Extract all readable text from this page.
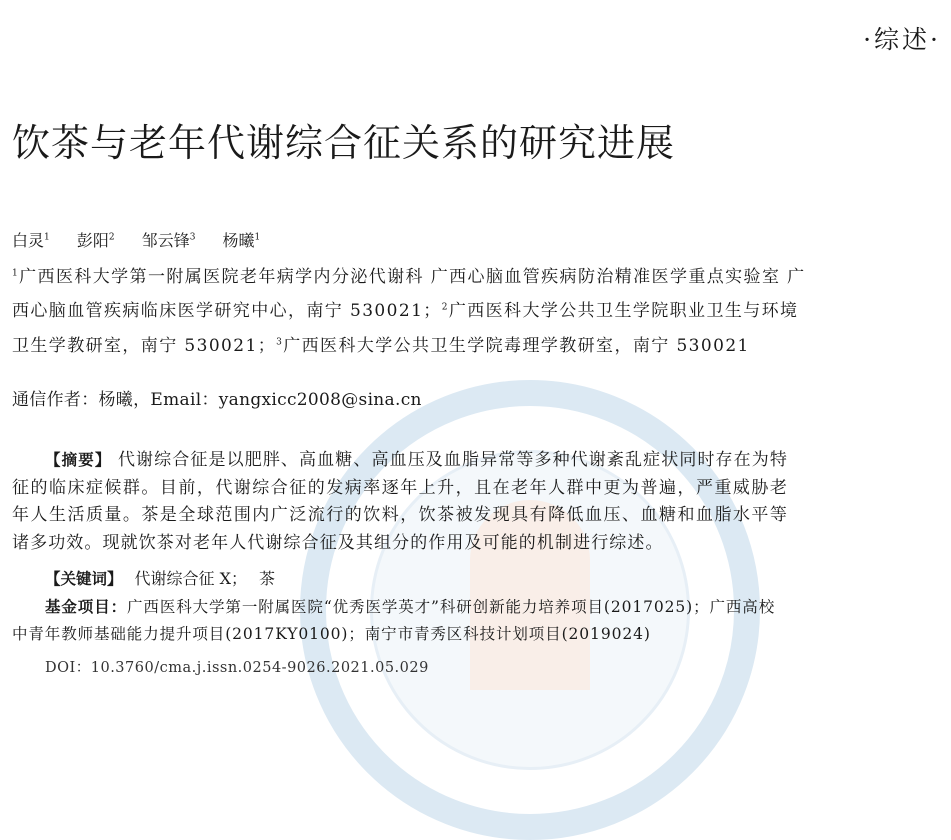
·综述·
饮茶与老年代谢综合征关系的研究进展
白灵$^1$ 彭阳$^2$ 邹云锋$^3$ 杨曦$^1$
$^1$广西医科大学第一附属医院老年病学内分泌代谢科 广西心脑血管疾病防治精准医学重点实验室 广西心脑血管疾病临床医学研究中心，南宁 530021；$^2$广西医科大学公共卫生学院职业卫生与环境卫生学教研室，南宁 530021；$^3$广西医科大学公共卫生学院毒理学教研室，南宁 530021
通信作者：杨曦，Email：yangxicc2008@sina.cn

【摘要】 代谢综合征是以肥胖、高血糖、高血压及血脂异常等多种代谢紊乱症状同时存在为特征的临床症候群。目前，代谢综合征的发病率逐年上升，且在老年人群中更为普遍，严重威胁老年人生活质量。茶是全球范围内广泛流行的饮料，饮茶被发现具有降低血压、血糖和血脂水平等诸多功效。现就饮茶对老年人代谢综合征及其组分的作用及可能的机制进行综述。

【关键词】 代谢综合征 X； 茶

基金项目：广西医科大学第一附属医院“优秀医学英才”科研创新能力培养项目(2017025)；广西高校中青年教师基础能力提升项目(2017KY0100)；南宁市青秀区科技计划项目(2019024)

DOI：10.3760/cma.j.issn.0254-9026.2021.05.029
